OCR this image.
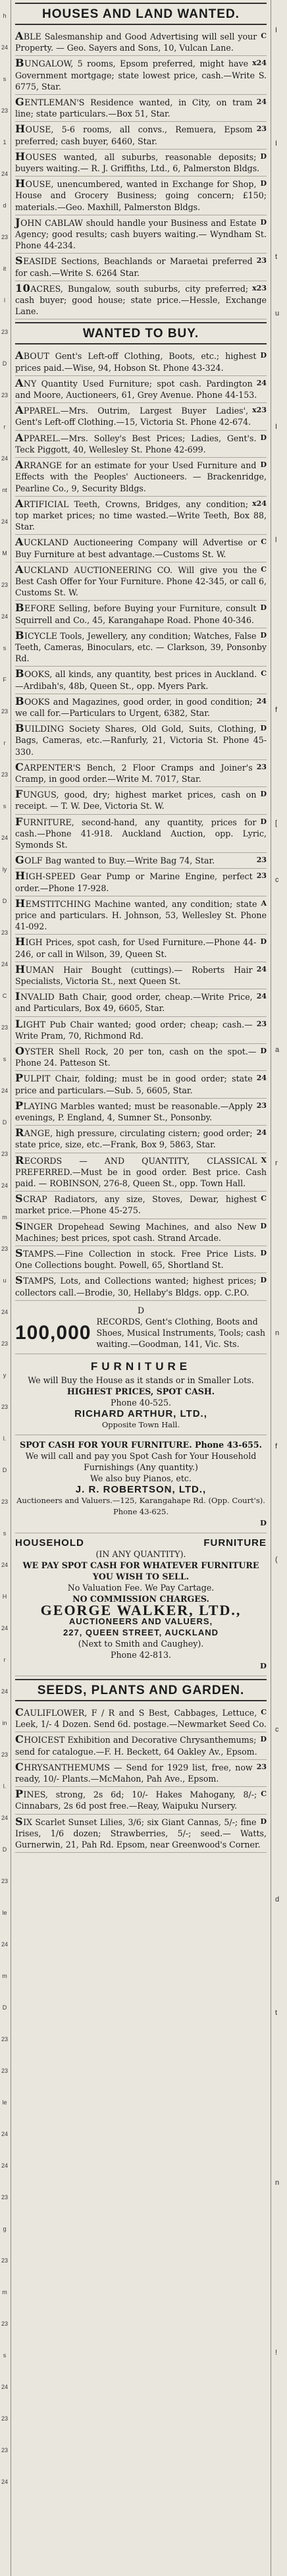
h
24
s
23
1
24
d
23
it
l
23
D
23
r
24
nt
24
M
23
24
s
F
23
r
23
s
24
ly
D
23
24
C
23
s
24
D
23
24
m
23
u
24
23
y
23
l.
D
23
s
24
H
24
r
24
in
23
l.
24
D
23
le
24
m
D
23
23
le
24
24
23
g
23
m
23
s
24
23
23
24
HOUSES AND LAND WANTED.
C
ABLE Salesmanship and Good Advertising will sell your Property. — Geo. Sayers and Sons, 10, Vulcan Lane.
x24
BUNGALOW, 5 rooms, Epsom preferred, might have Government mortgage; state lowest price, cash.—Write S. 6775, Star.
24
GENTLEMAN'S Residence wanted, in City, on tram line; state particulars.—Box 51, Star.
23
HOUSE, 5-6 rooms, all convs., Remuera, Epsom preferred; cash buyer, 6460, Star.
D
HOUSES wanted, all suburbs, reasonable deposits; buyers waiting.— R. J. Griffiths, Ltd., 6, Palmerston Bldgs.
D
HOUSE, unencumbered, wanted in Exchange for Shop, House and Grocery Business; going concern; £150; materials.—Geo. Maxhill, Palmerston Bldgs.
D
JOHN CABLAW should handle your Business and Estate Agency; good results; cash buyers waiting.— Wyndham St. Phone 44-234.
23
SEASIDE Sections, Beachlands or Maraetai preferred for cash.—Write S. 6264 Star.
x23
10ACRES, Bungalow, south suburbs, city preferred; cash buyer; good house; state price.—Hessle, Exchange Lane.
WANTED TO BUY.
D
ABOUT Gent's Left-off Clothing, Boots, etc.; highest prices paid.—Wise, 94, Hobson St. Phone 43-324.
24
ANY Quantity Used Furniture; spot cash. Pardington and Moore, Auctioneers, 61, Grey Avenue. Phone 44-153.
x23
APPAREL.—Mrs. Outrim, Largest Buyer Ladies', Gent's Left-off Clothing.—15, Victoria St. Phone 42-674.
D
APPAREL.—Mrs. Solley's Best Prices; Ladies, Gent's. Teck Piggott, 40, Wellesley St. Phone 42-699.
D
ARRANGE for an estimate for your Used Furniture and Effects with the Peoples' Auctioneers. — Brackenridge, Pearline Co., 9, Security Bldgs.
x24
ARTIFICIAL Teeth, Crowns, Bridges, any condition; top market prices; no time wasted.—Write Teeth, Box 88, Star.
C
AUCKLAND Auctioneering Company will Advertise or Buy Furniture at best advantage.—Customs St. W.
C
AUCKLAND AUCTIONEERING CO. Will give you the Best Cash Offer for Your Furniture. Phone 42-345, or call 6, Customs St. W.
D
BEFORE Selling, before Buying your Furniture, consult Squirrell and Co., 45, Karangahape Road. Phone 40-346.
D
BICYCLE Tools, Jewellery, any condition; Watches, False Teeth, Cameras, Binoculars, etc. — Clarkson, 39, Ponsonby Rd.
C
BOOKS, all kinds, any quantity, best prices in Auckland.—Ardibah's, 48b, Queen St., opp. Myers Park.
24
BOOKS and Magazines, good order, in good condition; we call for.—Particulars to Urgent, 6382, Star.
D
BUILDING Society Shares, Old Gold, Suits, Clothing, Bags, Cameras, etc.—Ranfurly, 21, Victoria St. Phone 45-330.
23
CARPENTER'S Bench, 2 Floor Cramps and Joiner's Cramp, in good order.—Write M. 7017, Star.
D
FUNGUS, good, dry; highest market prices, cash on receipt. — T. W. Dee, Victoria St. W.
D
FURNITURE, second-hand, any quantity, prices for cash.—Phone 41-918. Auckland Auction, opp. Lyric, Symonds St.
23
GOLF Bag wanted to Buy.—Write Bag 74, Star.
23
HIGH-SPEED Gear Pump or Marine Engine, perfect order.—Phone 17-928.
A
HEMSTITCHING Machine wanted, any condition; state price and particulars. H. Johnson, 53, Wellesley St. Phone 41-092.
D
HIGH Prices, spot cash, for Used Furniture.—Phone 44-246, or call in Wilson, 39, Queen St.
24
HUMAN Hair Bought (cuttings).— Roberts Hair Specialists, Victoria St., next Queen St.
24
INVALID Bath Chair, good order, cheap.—Write Price, and Particulars, Box 49, 6605, Star.
23
LIGHT Pub Chair wanted; good order; cheap; cash.—Write Pram, 70, Richmond Rd.
D
OYSTER Shell Rock, 20 per ton, cash on the spot.—Phone 24. Patteson St.
24
PULPIT Chair, folding; must be in good order; state price and particulars.—Sub. 5, 6605, Star.
23
PLAYING Marbles wanted; must be reasonable.—Apply evenings, P. England, 4, Sumner St., Ponsonby.
24
RANGE, high pressure, circulating cistern; good order; state price, size, etc.—Frank, Box 9, 5863, Star.
X
RECORDS — AND QUANTITY, CLASSICAL PREFERRED.—Must be in good order. Best price. Cash paid. — ROBINSON, 276-8, Queen St., opp. Town Hall.
C
SCRAP Radiators, any size, Stoves, Dewar, highest market price.—Phone 45-275.
D
SINGER Dropehead Sewing Machines, and also New Machines; best prices, spot cash. Strand Arcade.
D
STAMPS.—Fine Collection in stock. Free Price Lists. One Collections bought. Powell, 65, Shortland St.
D
STAMPS, Lots, and Collections wanted; highest prices; collectors call.—Brodie, 30, Hellaby's Bldgs. opp. C.P.O.
D
100,000
RECORDS, Gent's Clothing, Boots and Shoes, Musical Instruments, Tools; cash waiting.—Goodman, 141, Vic. Sts.
FURNITURE
We will Buy the House as it stands or in Smaller Lots.
HIGHEST PRICES, SPOT CASH.
Phone 40-525.
RICHARD ARTHUR, LTD.,
Opposite Town Hall.
SPOT CASH FOR YOUR FURNITURE. Phone 43-655.
We will call and pay you Spot Cash for Your Household Furnishings (Any quantity.)
We also buy Pianos, etc.
J. R. ROBERTSON, LTD.,
Auctioneers and Valuers.—125, Karangahape Rd. (Opp. Court's). Phone 43-625.
D
HOUSEHOLD	FURNITURE
(IN ANY QUANTITY).
WE PAY SPOT CASH FOR WHATEVER FURNITURE YOU WISH TO SELL.
No Valuation Fee. We Pay Cartage.
NO COMMISSION CHARGES.
GEORGE WALKER, LTD.,
AUCTIONEERS AND VALUERS,
227, QUEEN STREET, AUCKLAND
(Next to Smith and Caughey).
Phone 42-813.
D
SEEDS, PLANTS AND GARDEN.
C
CAULIFLOWER, F / R and S Best, Cabbages, Lettuce, Leek, 1/- 4 Dozen. Send 6d. postage.—Newmarket Seed Co.
D
CHOICEST Exhibition and Decorative Chrysanthemums; send for catalogue.—F. H. Beckett, 64 Oakley Av., Epsom.
23
CHRYSANTHEMUMS — Send for 1929 list, free, now ready, 10/- Plants.—McMahon, Pah Ave., Epsom.
C
PINES, strong, 2s 6d; 10/- Hakes Mahogany, 8/-; Cinnabars, 2s 6d post free.—Reay, Waipuku Nursery.
D
SIX Scarlet Sunset Lilies, 3/6; six Giant Cannas, 5/-; fine Irises, 1/6 dozen; Strawberries, 5/-; seed.— Watts, Gurnerwin, 21, Pah Rd. Epsom, near Greenwood's Corner.
I
I
t
u
I
l
f
[
c
a
r
n
f
(
c
d
t
n
!
